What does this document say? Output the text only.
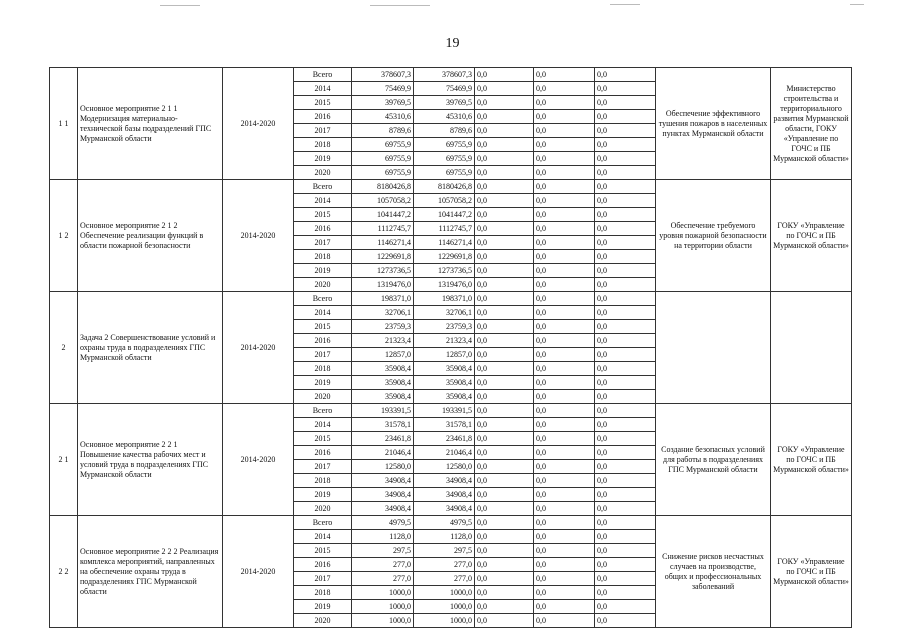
19
1 1	Основное мероприятие 2 1 1 Модернизация материально-технической базы подразделений ГПС Мурманской области	2014-2020	Всего	378607,3	378607,3	0,0	0,0	0,0	Обеспечение эффективного тушения пожаров в населенных пунктах Мурманской области	Министерство строительства и территориального развития Мурманской области, ГОКУ «Управление по ГОЧС и ПБ Мурманской области»
			2014	75469,9	75469,9	0,0	0,0	0,0		
			2015	39769,5	39769,5	0,0	0,0	0,0		
			2016	45310,6	45310,6	0,0	0,0	0,0		
			2017	8789,6	8789,6	0,0	0,0	0,0		
			2018	69755,9	69755,9	0,0	0,0	0,0		
			2019	69755,9	69755,9	0,0	0,0	0,0		
			2020	69755,9	69755,9	0,0	0,0	0,0		
1 2	Основное мероприятие 2 1 2 Обеспечение реализации функций в области пожарной безопасности	2014-2020	Всего	8180426,8	8180426,8	0,0	0,0	0,0	Обеспечение требуемого уровня пожарной безопасности на территории области	ГОКУ «Управление по ГОЧС и ПБ Мурманской области»
			2014	1057058,2	1057058,2	0,0	0,0	0,0		
			2015	1041447,2	1041447,2	0,0	0,0	0,0		
			2016	1112745,7	1112745,7	0,0	0,0	0,0		
			2017	1146271,4	1146271,4	0,0	0,0	0,0		
			2018	1229691,8	1229691,8	0,0	0,0	0,0		
			2019	1273736,5	1273736,5	0,0	0,0	0,0		
			2020	1319476,0	1319476,0	0,0	0,0	0,0		
2	Задача 2 Совершенствование условий и охраны труда в подразделениях ГПС Мурманской области	2014-2020	Всего	198371,0	198371,0	0,0	0,0	0,0		
			2014	32706,1	32706,1	0,0	0,0	0,0		
			2015	23759,3	23759,3	0,0	0,0	0,0		
			2016	21323,4	21323,4	0,0	0,0	0,0		
			2017	12857,0	12857,0	0,0	0,0	0,0		
			2018	35908,4	35908,4	0,0	0,0	0,0		
			2019	35908,4	35908,4	0,0	0,0	0,0		
			2020	35908,4	35908,4	0,0	0,0	0,0		
2 1	Основное мероприятие 2 2 1 Повышение качества рабочих мест и условий труда в подразделениях ГПС Мурманской области	2014-2020	Всего	193391,5	193391,5	0,0	0,0	0,0	Создание безопасных условий для работы в подразделениях ГПС Мурманской области	ГОКУ «Управление по ГОЧС и ПБ Мурманской области»
			2014	31578,1	31578,1	0,0	0,0	0,0		
			2015	23461,8	23461,8	0,0	0,0	0,0		
			2016	21046,4	21046,4	0,0	0,0	0,0		
			2017	12580,0	12580,0	0,0	0,0	0,0		
			2018	34908,4	34908,4	0,0	0,0	0,0		
			2019	34908,4	34908,4	0,0	0,0	0,0		
			2020	34908,4	34908,4	0,0	0,0	0,0		
2 2	Основное мероприятие 2 2 2 Реализация комплекса мероприятий, направленных на обеспечение охраны труда в подразделениях ГПС Мурманской области	2014-2020	Всего	4979,5	4979,5	0,0	0,0	0,0	Снижение рисков несчастных случаев на производстве, общих и профессиональных заболеваний	ГОКУ «Управление по ГОЧС и ПБ Мурманской области»
			2014	1128,0	1128,0	0,0	0,0	0,0		
			2015	297,5	297,5	0,0	0,0	0,0		
			2016	277,0	277,0	0,0	0,0	0,0		
			2017	277,0	277,0	0,0	0,0	0,0		
			2018	1000,0	1000,0	0,0	0,0	0,0		
			2019	1000,0	1000,0	0,0	0,0	0,0		
			2020	1000,0	1000,0	0,0	0,0	0,0		
